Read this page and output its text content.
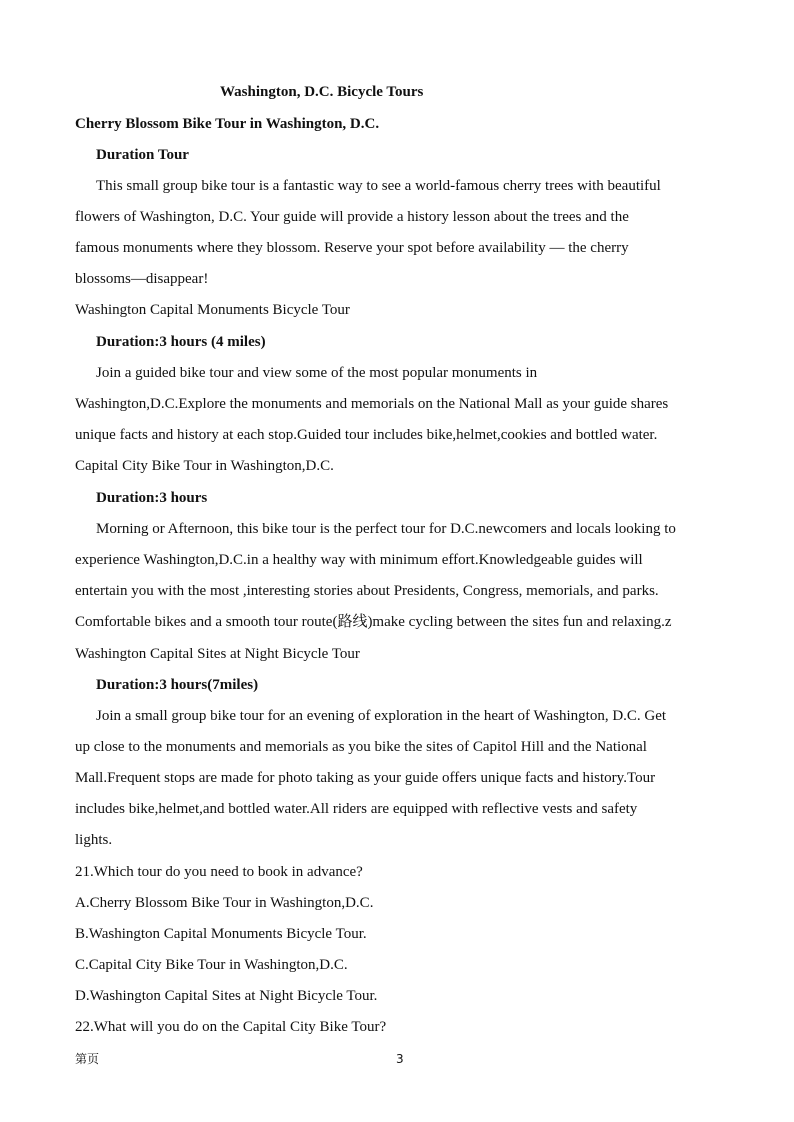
Washington, D.C. Bicycle Tours
Cherry Blossom Bike Tour in Washington, D.C.
Duration Tour
This small group bike tour is a fantastic way to see a world-famous cherry trees with beautiful
flowers of Washington, D.C. Your guide will provide a history lesson about the trees and the
famous monuments where they blossom. Reserve your spot before availability — the cherry
blossoms—disappear!
Washington Capital Monuments Bicycle Tour
Duration:3 hours (4 miles)
Join a guided bike tour and view some of the most popular monuments in
Washington,D.C.Explore the monuments and memorials on the National Mall as your guide shares
unique facts and history at each stop.Guided tour includes bike,helmet,cookies and bottled water.
Capital City Bike Tour in Washington,D.C.
Duration:3 hours
Morning or Afternoon, this bike tour is the perfect tour for D.C.newcomers and locals looking to
experience Washington,D.C.in a healthy way with minimum effort.Knowledgeable guides will
entertain you with the most ,interesting stories about Presidents, Congress, memorials, and parks.
Comfortable bikes and a smooth tour route(路线)make cycling between the sites fun and relaxing.z
Washington Capital Sites at Night Bicycle Tour
Duration:3 hours(7miles)
Join a small group bike tour for an evening of exploration in the heart of Washington, D.C. Get
up close to the monuments and memorials as you bike the sites of Capitol Hill and the National
Mall.Frequent stops are made for photo taking as your guide offers unique facts and history.Tour
includes bike,helmet,and bottled water.All riders are equipped with reflective vests and safety
lights.
21.Which tour do you need to book in advance?
A.Cherry Blossom Bike Tour in Washington,D.C.
B.Washington Capital Monuments Bicycle Tour.
C.Capital City Bike Tour in Washington,D.C.
D.Washington Capital Sites at Night Bicycle Tour.
22.What will you do on the Capital City Bike Tour?
第页	3
